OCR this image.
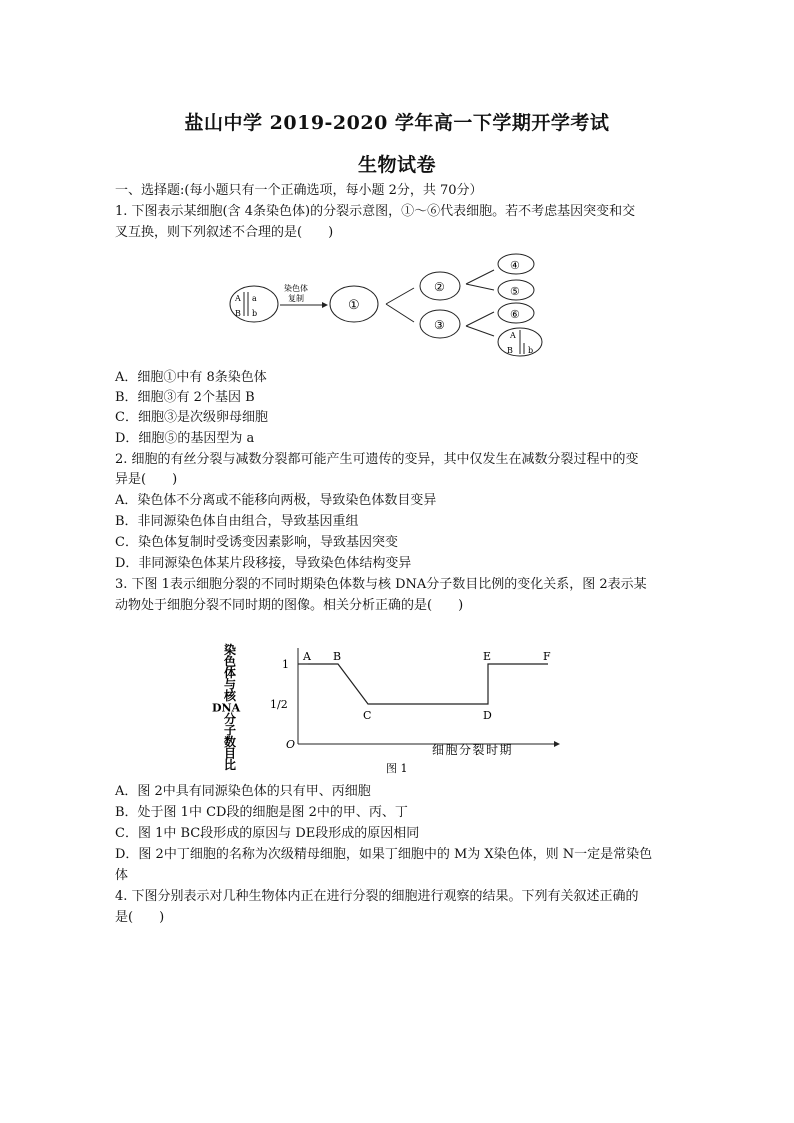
盐山中学 2019-2020 学年高一下学期开学考试
生物试卷
一、选择题:(每小题只有一个正确选项，每小题 2分，共 70分）
1. 下图表示某细胞(含 4条染色体)的分裂示意图，①～⑥代表细胞。若不考虑基因突变和交
叉互换，则下列叙述不合理的是(　　)
A a
B b
染色体
复制	①
②
③
④
⑤
⑥
A
B b
A．细胞①中有 8条染色体
B．细胞③有 2个基因 B
C．细胞③是次级卵母细胞
D．细胞⑤的基因型为 a
2. 细胞的有丝分裂与减数分裂都可能产生可遗传的变异，其中仅发生在减数分裂过程中的变
异是(　　)
A．染色体不分离或不能移向两极，导致染色体数目变异
B．非同源染色体自由组合，导致基因重组
C．染色体复制时受诱变因素影响，导致基因突变
D．非同源染色体某片段移接，导致染色体结构变异
3. 下图 1表示细胞分裂的不同时期染色体数与核 DNA分子数目比例的变化关系，图 2表示某
动物处于细胞分裂不同时期的图像。相关分析正确的是(　　)
染
色
体
与
核
DNA
分
子
数
目
比
O	细胞分裂时期
图 1
1
1/2
A B
C	D
E	F
A．图 2中具有同源染色体的只有甲、丙细胞
B．处于图 1中 CD段的细胞是图 2中的甲、丙、丁
C．图 1中 BC段形成的原因与 DE段形成的原因相同
D．图 2中丁细胞的名称为次级精母细胞，如果丁细胞中的 M为 X染色体，则 N一定是常染色
体
4. 下图分别表示对几种生物体内正在进行分裂的细胞进行观察的结果。下列有关叙述正确的
是(　　)
